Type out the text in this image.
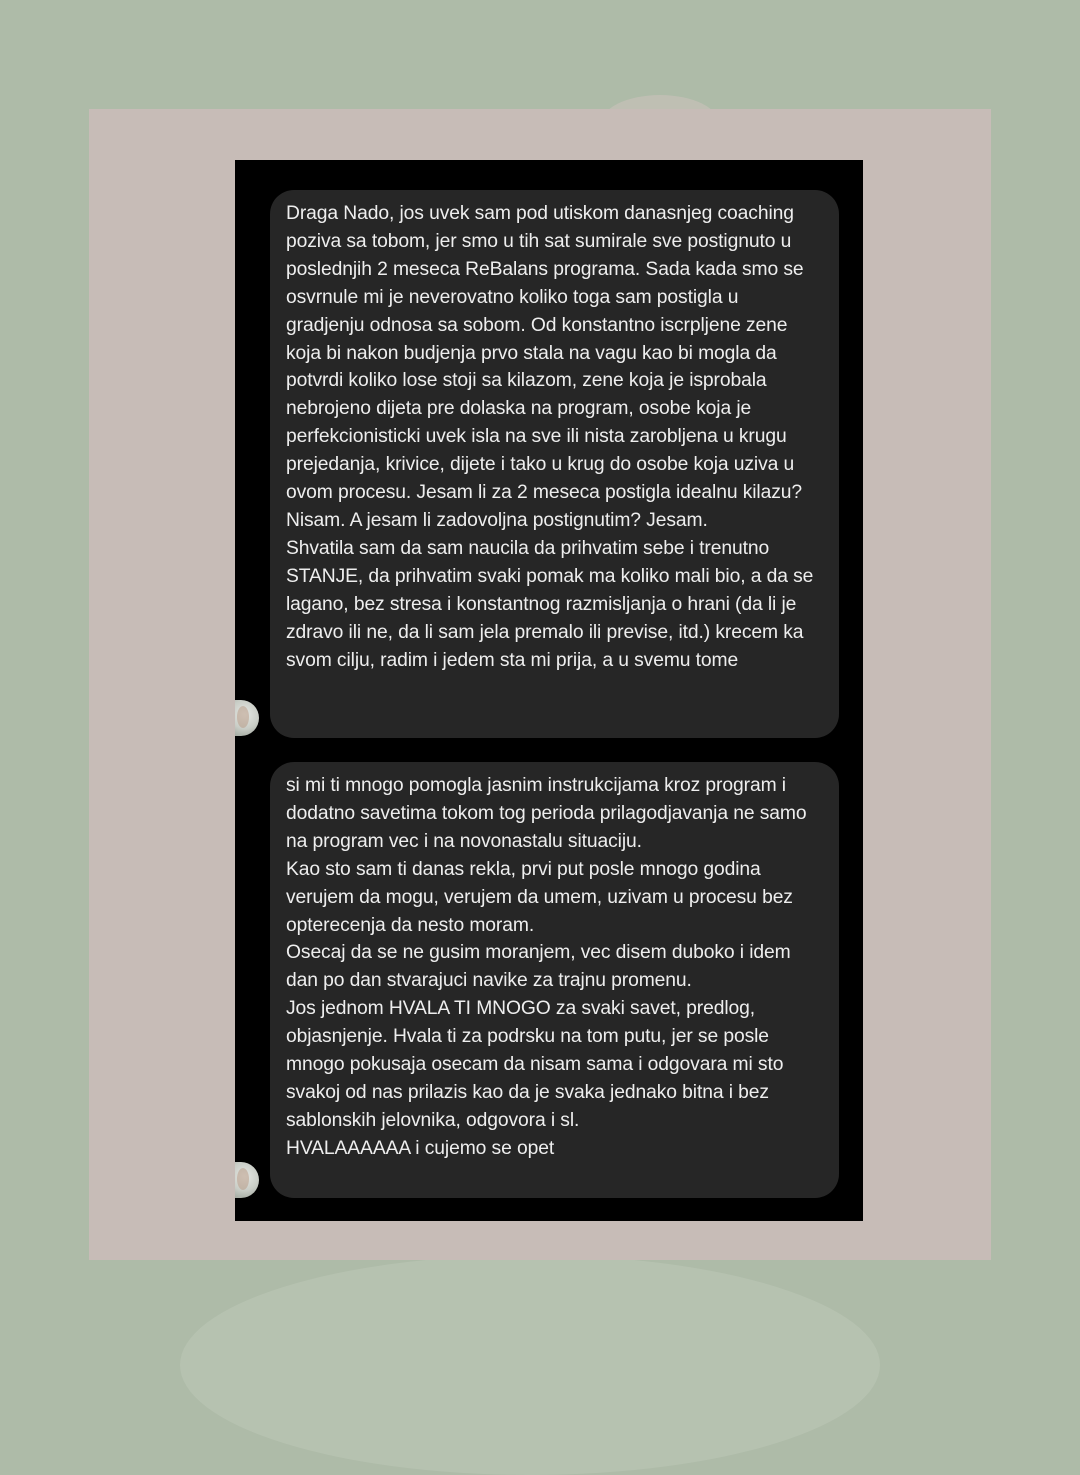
Draga Nado, jos uvek sam pod utiskom danasnjeg coaching poziva sa tobom, jer smo u tih sat sumirale sve postignuto u poslednjih 2 meseca ReBalans programa. Sada kada smo se osvrnule mi je neverovatno koliko toga sam postigla u gradjenju odnosa sa sobom. Od konstantno iscrpljene zene koja bi nakon budjenja prvo stala na vagu kao bi mogla da potvrdi koliko lose stoji sa kilazom, zene koja je isprobala nebrojeno dijeta pre dolaska na program, osobe koja je perfekcionisticki uvek isla na sve ili nista zarobljena u krugu prejedanja, krivice, dijete i tako u krug do osobe koja uziva u ovom procesu. Jesam li za 2 meseca postigla idealnu kilazu? Nisam. A jesam li zadovoljna postignutim? Jesam.
Shvatila sam da sam naucila da prihvatim sebe i trenutno STANJE, da prihvatim svaki pomak ma koliko mali bio, a da se lagano, bez stresa i konstantnog razmisljanja o hrani (da li je zdravo ili ne, da li sam jela premalo ili previse, itd.) krecem ka svom cilju, radim i jedem sta mi prija, a u svemu tome
si mi ti mnogo pomogla jasnim instrukcijama kroz program i dodatno savetima tokom tog perioda prilagodjavanja ne samo na program vec i na novonastalu situaciju.
Kao sto sam ti danas rekla, prvi put posle mnogo godina verujem da mogu, verujem da umem, uzivam u procesu bez opterecenja da nesto moram.
Osecaj da se ne gusim moranjem, vec disem duboko i idem dan po dan stvarajuci navike za trajnu promenu.
Jos jednom HVALA TI MNOGO za svaki savet, predlog, objasnjenje. Hvala ti za podrsku na tom putu, jer se posle mnogo pokusaja osecam da nisam sama i odgovara mi sto svakoj od nas prilazis kao da je svaka jednako bitna i bez sablonskih jelovnika, odgovora i sl.
HVALAAAAAA i cujemo se opet
